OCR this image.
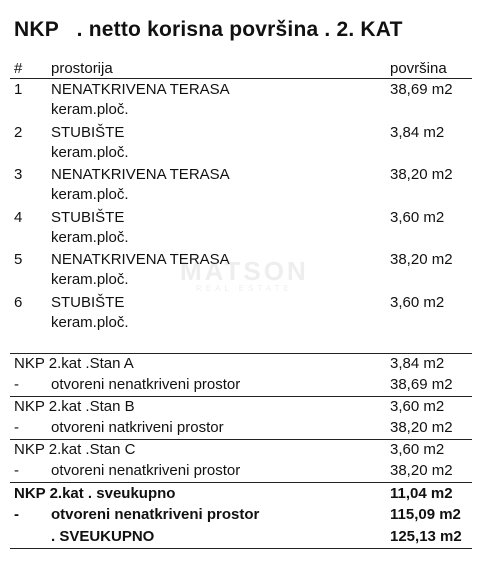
NKP   . netto korisna površina . 2. KAT
# prostorija	površina
1 NENATKRIVENA TERASA	38,69 m2
keram.ploč.
2 STUBIŠTE	3,84 m2
keram.ploč.
3 NENATKRIVENA TERASA	38,20 m2
keram.ploč.
4 STUBIŠTE	3,60 m2
keram.ploč.
5 NENATKRIVENA TERASA	38,20 m2
keram.ploč.
6 STUBIŠTE	3,60 m2
keram.ploč.
MATSON
REAL ESTATE
NKP 2.kat .Stan A	3,84 m2
- otvoreni nenatkriveni prostor	38,69 m2
NKP 2.kat .Stan B	3,60 m2
- otvoreni natkriveni prostor	38,20 m2
NKP 2.kat .Stan C	3,60 m2
- otvoreni nenatkriveni prostor	38,20 m2
NKP 2.kat . sveukupno	11,04 m2
- otvoreni nenatkriveni prostor	115,09 m2
. SVEUKUPNO	125,13 m2
